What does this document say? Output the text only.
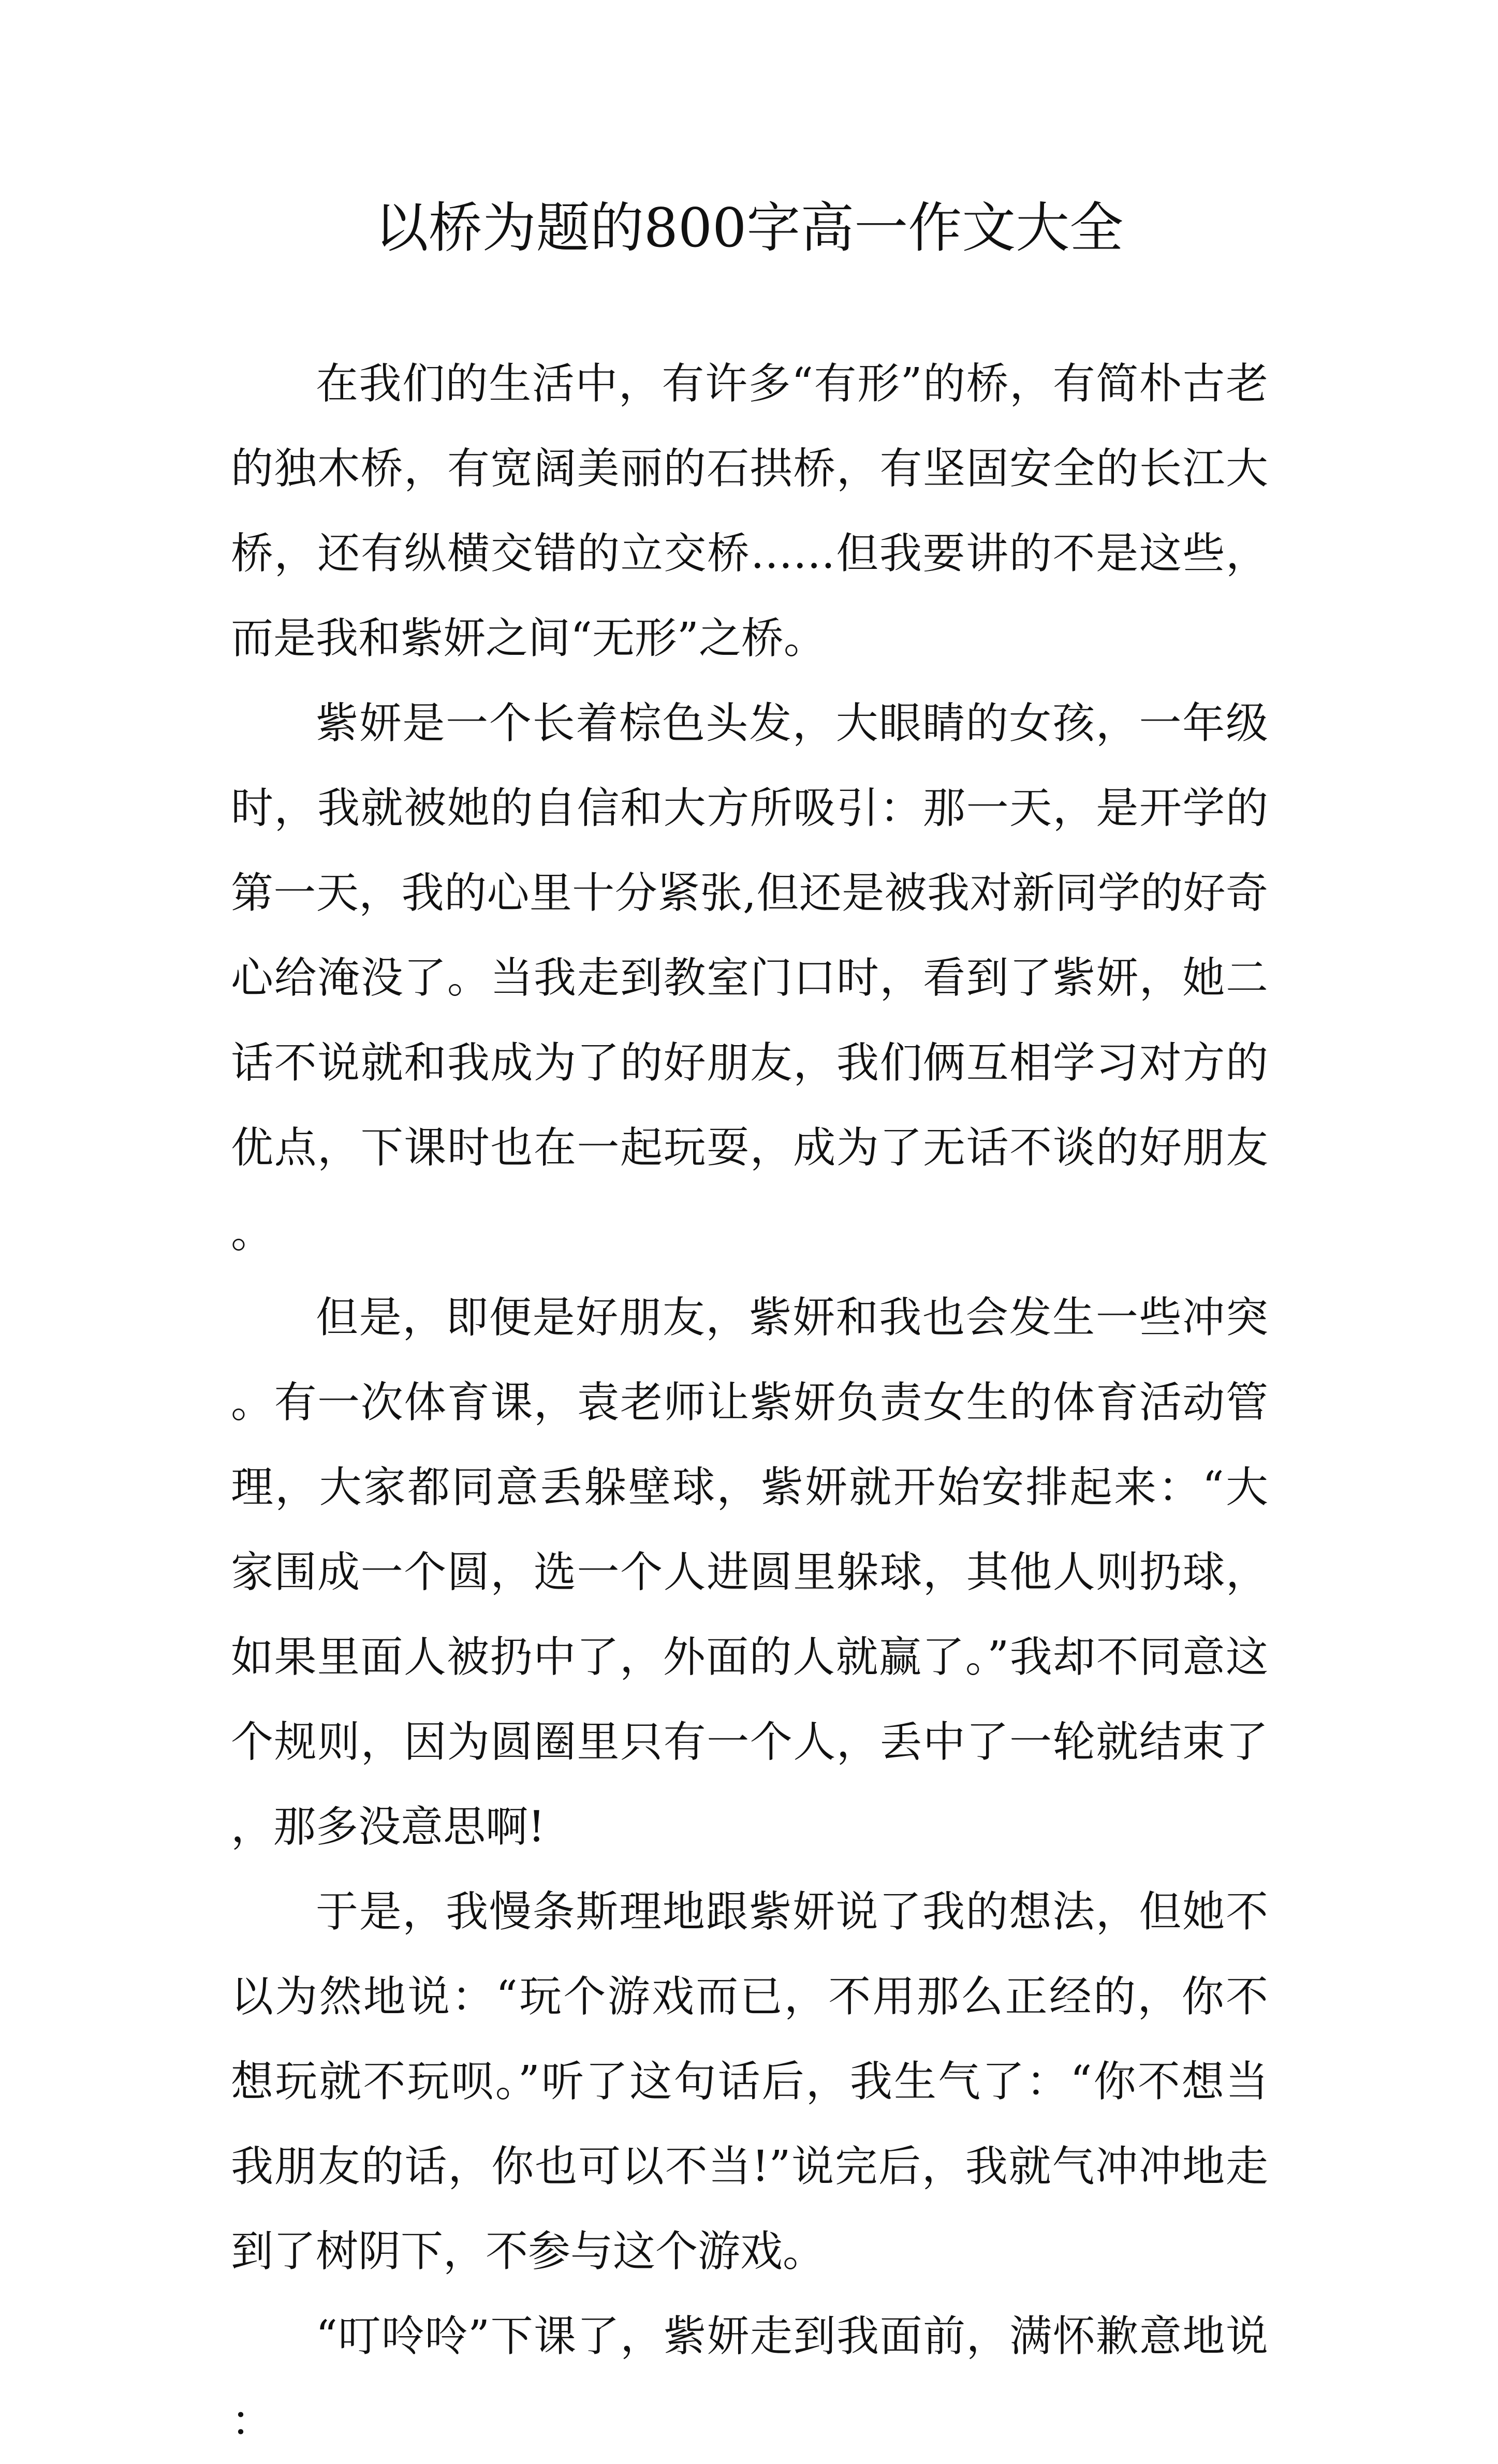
以桥为题的800字高一作文大全

在我们的生活中，有许多“有形”的桥，有简朴古老的独木桥，有宽阔美丽的石拱桥，有坚固安全的长江大桥，还有纵横交错的立交桥……但我要讲的不是这些，而是我和紫妍之间“无形”之桥。

紫妍是一个长着棕色头发，大眼睛的女孩，一年级时，我就被她的自信和大方所吸引：那一天，是开学的第一天，我的心里十分紧张,但还是被我对新同学的好奇心给淹没了。当我走到教室门口时，看到了紫妍，她二话不说就和我成为了的好朋友，我们俩互相学习对方的优点，下课时也在一起玩耍，成为了无话不谈的好朋友。

但是，即便是好朋友，紫妍和我也会发生一些冲突。有一次体育课，袁老师让紫妍负责女生的体育活动管理，大家都同意丢躲壁球，紫妍就开始安排起来：“大家围成一个圆，选一个人进圆里躲球，其他人则扔球，如果里面人被扔中了，外面的人就赢了。”我却不同意这个规则，因为圆圈里只有一个人，丢中了一轮就结束了，那多没意思啊!

于是，我慢条斯理地跟紫妍说了我的想法，但她不以为然地说：“玩个游戏而已，不用那么正经的，你不想玩就不玩呗。”听了这句话后，我生气了：“你不想当我朋友的话，你也可以不当!”说完后，我就气冲冲地走到了树阴下，不参与这个游戏。

“叮呤呤”下课了，紫妍走到我面前，满怀歉意地说：
